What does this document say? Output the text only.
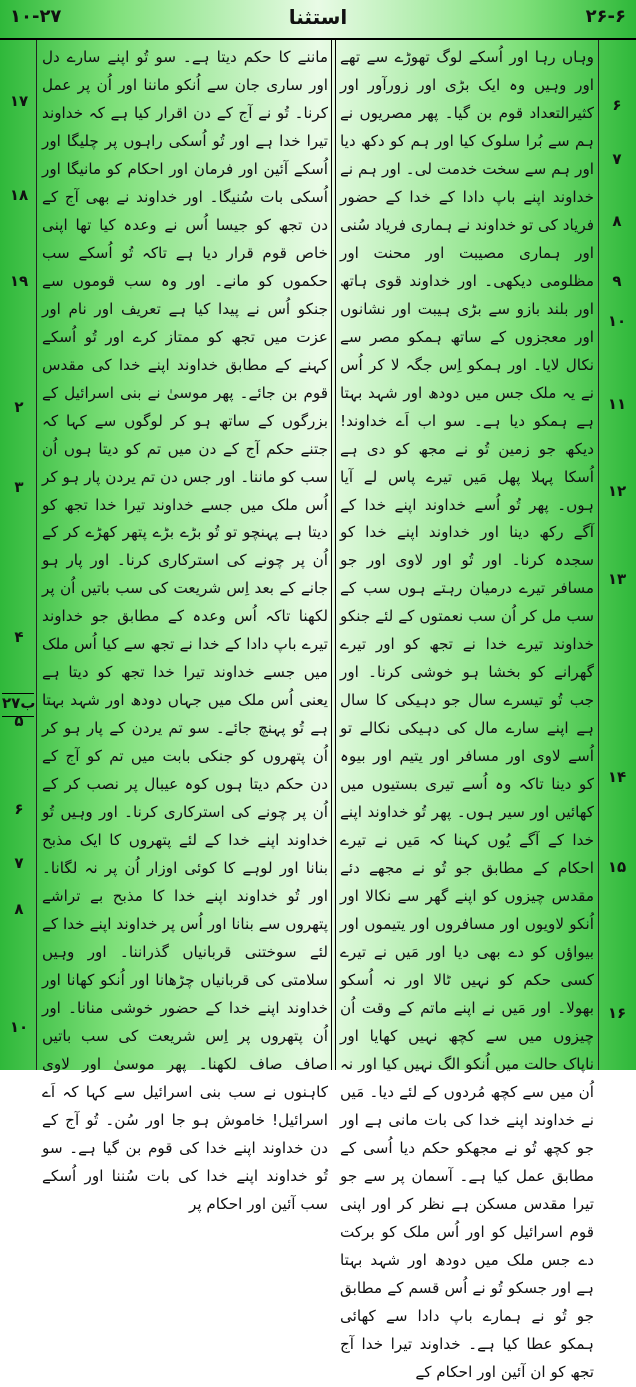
۱۰-۲۷	استثنا	۲۶-۶

وہاں رہا اور اُسکے لوگ تھوڑے سے تھے اور وہیں وہ ایک بڑی اور زورآور اور کثیرالتعداد قوم بن گیا۔ پھر مصریوں نے ہم سے بُرا سلوک کیا اور ہم کو دکھ دیا اور ہم سے سخت خدمت لی۔ اور ہم نے خداوند اپنے باپ دادا کے خدا کے حضور فریاد کی تو خداوند نے ہماری فریاد سُنی اور ہماری مصیبت اور محنت اور مظلومی دیکھی۔ اور خداوند قوی ہاتھ اور بلند بازو سے بڑی ہیبت اور نشانوں اور معجزوں کے ساتھ ہمکو مصر سے نکال لایا۔ اور ہمکو اِس جگہ لا کر اُس نے یہ ملک جس میں دودھ اور شہد بہتا ہے ہمکو دیا ہے۔ سو اب اَے خداوند! دیکھ جو زمین تُو نے مجھ کو دی ہے اُسکا پہلا پھل مَیں تیرے پاس لے آیا ہوں۔ پھر تُو اُسے خداوند اپنے خدا کے آگے رکھ دینا اور خداوند اپنے خدا کو سجدہ کرنا۔ اور تُو اور لاوی اور جو مسافر تیرے درمیان رہتے ہوں سب کے سب مل کر اُن سب نعمتوں کے لئے جنکو خداوند تیرے خدا نے تجھ کو اور تیرے گھرانے کو بخشا ہو خوشی کرنا۔ اور جب تُو تیسرے سال جو دہیکی کا سال ہے اپنے سارے مال کی دہیکی نکالے تو اُسے لاوی اور مسافر اور یتیم اور بیوہ کو دینا تاکہ وہ اُسے تیری بستیوں میں کھائیں اور سیر ہوں۔ پھر تُو خداوند اپنے خدا کے آگے یُوں کہنا کہ مَیں نے تیرے احکام کے مطابق جو تُو نے مجھے دئے مقدس چیزوں کو اپنے گھر سے نکالا اور اُنکو لاویوں اور مسافروں اور یتیموں اور بیواؤں کو دے بھی دیا اور مَیں نے تیرے کسی حکم کو نہیں ٹالا اور نہ اُسکو بھولا۔ اور مَیں نے اپنے ماتم کے وقت اُن چیزوں میں سے کچھ نہیں کھایا اور ناپاک حالت میں اُنکو الگ نہیں کیا اور نہ اُن میں سے کچھ مُردوں کے لئے دیا۔ مَیں نے خداوند اپنے خدا کی بات مانی ہے اور جو کچھ تُو نے مجھکو حکم دیا اُسی کے مطابق عمل کیا ہے۔ آسمان پر سے جو تیرا مقدس مسکن ہے نظر کر اور اپنی قوم اسرائیل کو اور اُس ملک کو برکت دے جس ملک میں دودھ اور شہد بہتا ہے اور جسکو تُو نے اُس قسم کے مطابق جو تُو نے ہمارے باپ دادا سے کھائی ہمکو عطا کیا ہے۔ خداوند تیرا خدا آج تجھ کو ان آئین اور احکام کے

ماننے کا حکم دیتا ہے۔ سو تُو اپنے سارے دل اور ساری جان سے اُنکو ماننا اور اُن پر عمل کرنا۔ تُو نے آج کے دن اقرار کیا ہے کہ خداوند تیرا خدا ہے اور تُو اُسکی راہوں پر چلیگا اور اُسکے آئین اور فرمان اور احکام کو مانیگا اور اُسکی بات سُنیگا۔ اور خداوند نے بھی آج کے دن تجھ کو جیسا اُس نے وعدہ کیا تھا اپنی خاص قوم قرار دیا ہے تاکہ تُو اُسکے سب حکموں کو مانے۔ اور وہ سب قوموں سے جنکو اُس نے پیدا کیا ہے تعریف اور نام اور عزت میں تجھ کو ممتاز کرے اور تُو اُسکے کہنے کے مطابق خداوند اپنے خدا کی مقدس قوم بن جائے۔ پھر موسیٰ نے بنی اسرائیل کے بزرگوں کے ساتھ ہو کر لوگوں سے کہا کہ جتنے حکم آج کے دن میں تم کو دیتا ہوں اُن سب کو ماننا۔ اور جس دن تم یردن پار ہو کر اُس ملک میں جسے خداوند تیرا خدا تجھ کو دیتا ہے پہنچو تو تُو بڑے بڑے پتھر کھڑے کر کے اُن پر چونے کی استرکاری کرنا۔ اور پار ہو جانے کے بعد اِس شریعت کی سب باتیں اُن پر لکھنا تاکہ اُس وعدہ کے مطابق جو خداوند تیرے باپ دادا کے خدا نے تجھ سے کیا اُس ملک میں جسے خداوند تیرا خدا تجھ کو دیتا ہے یعنی اُس ملک میں جہاں دودھ اور شہد بہتا ہے تُو پہنچ جائے۔ سو تم یردن کے پار ہو کر اُن پتھروں کو جنکی بابت میں تم کو آج کے دن حکم دیتا ہوں کوہ عیبال پر نصب کر کے اُن پر چونے کی استرکاری کرنا۔ اور وہیں تُو خداوند اپنے خدا کے لئے پتھروں کا ایک مذبح بنانا اور لوہے کا کوئی اوزار اُن پر نہ لگانا۔ اور تُو خداوند اپنے خدا کا مذبح بے تراشے پتھروں سے بنانا اور اُس پر خداوند اپنے خدا کے لئے سوختنی قربانیاں گذراننا۔ اور وہیں سلامتی کی قربانیاں چڑھانا اور اُنکو کھانا اور خداوند اپنے خدا کے حضور خوشی منانا۔ اور اُن پتھروں پر اِس شریعت کی سب باتیں صاف صاف لکھنا۔ پھر موسیٰ اور لاوی کاہنوں نے سب بنی اسرائیل سے کہا کہ اَے اسرائیل! خاموش ہو جا اور سُن۔ تُو آج کے دن خداوند اپنے خدا کی قوم بن گیا ہے۔ سو تُو خداوند اپنے خدا کی بات سُننا اور اُسکے سب آئین اور احکام پر

۶
۷
۸
۹
۱۰
۱۱
۱۲
۱۳
۱۴
۱۵
۱۶
۱۷
۱۸
۱۹
۲۷ب
۲
۳
۴
۵
۶
۷
۸
۱۰
